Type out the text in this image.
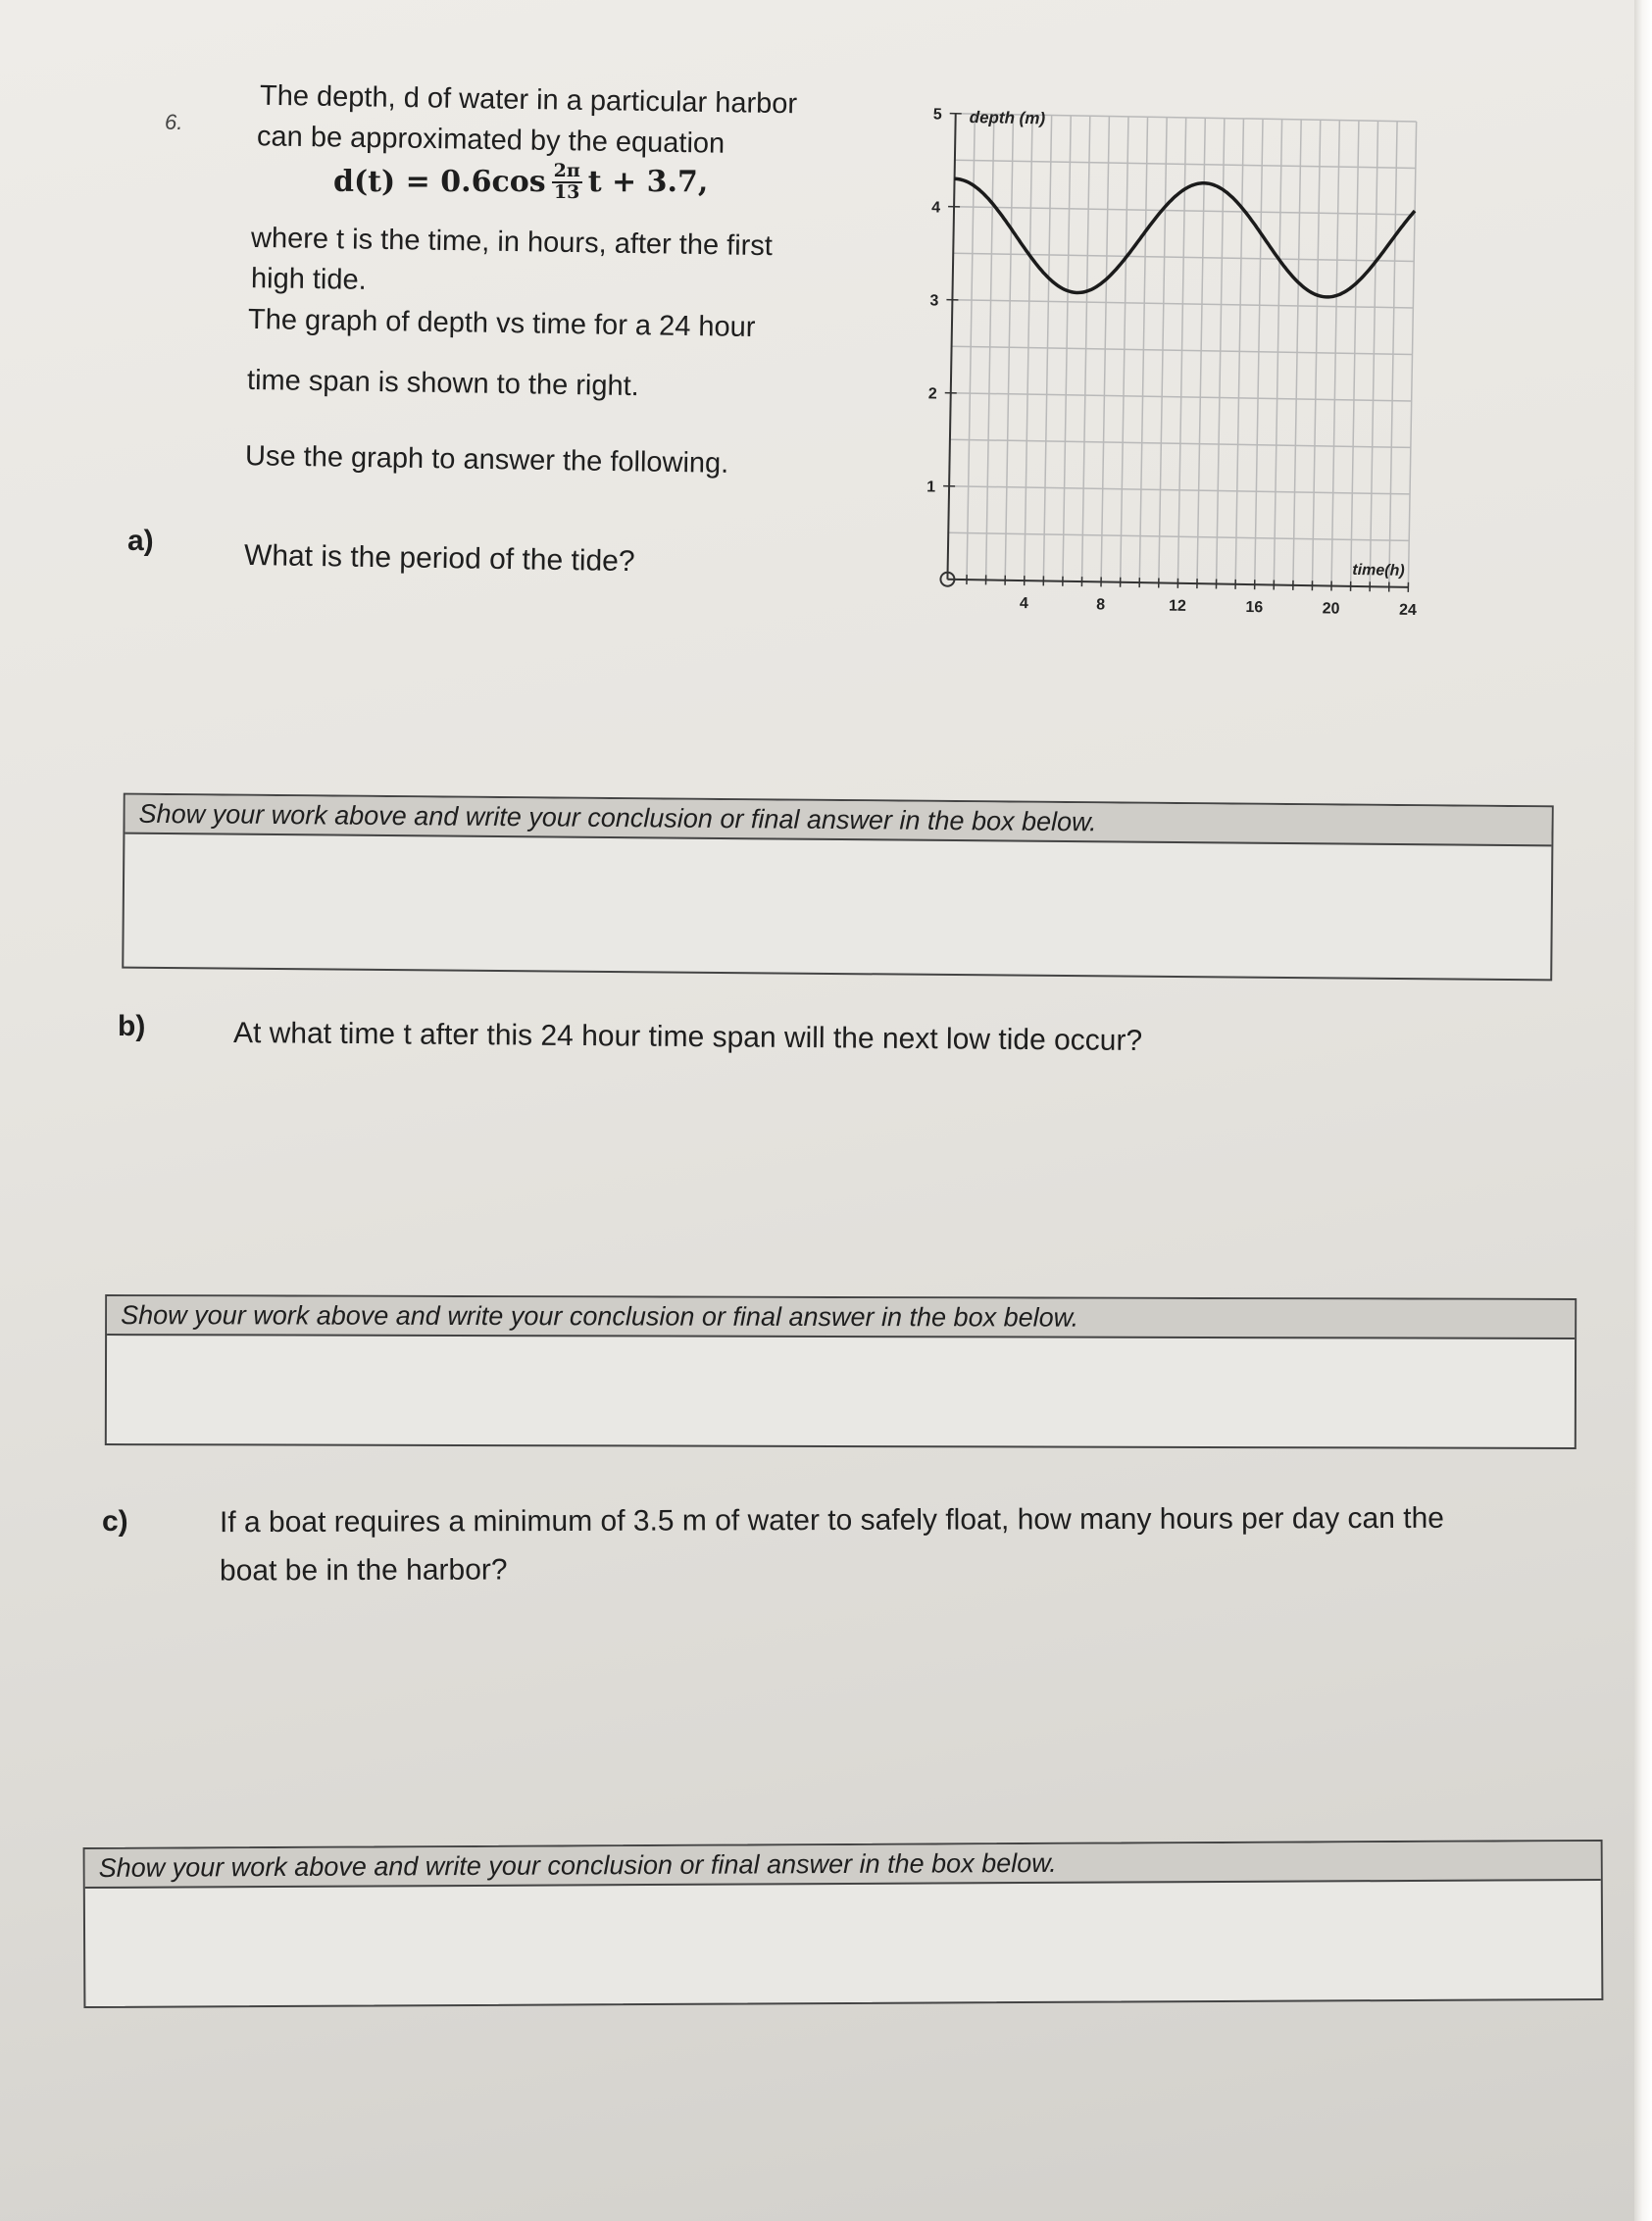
6.
The depth, d of water in a particular harbor
can be approximated by the equation
$d(t) = 0.6\cos \frac{2\pi}{13}$ t + 3.7,
where t is the time, in hours, after the first
high tide.
The graph of depth vs time for a 24 hour
time span is shown to the right.
Use the graph to answer the following.
4	8	12	16	20	24
1
2
3
4
5 depth (m)
time(h)
a)	What is the period of the tide?
Show your work above and write your conclusion or final answer in the box below.
b)	At what time t after this 24 hour time span will the next low tide occur?
Show your work above and write your conclusion or final answer in the box below.
c)	If a boat requires a minimum of 3.5 m of water to safely float, how many hours per day can the
boat be in the harbor?
Show your work above and write your conclusion or final answer in the box below.
